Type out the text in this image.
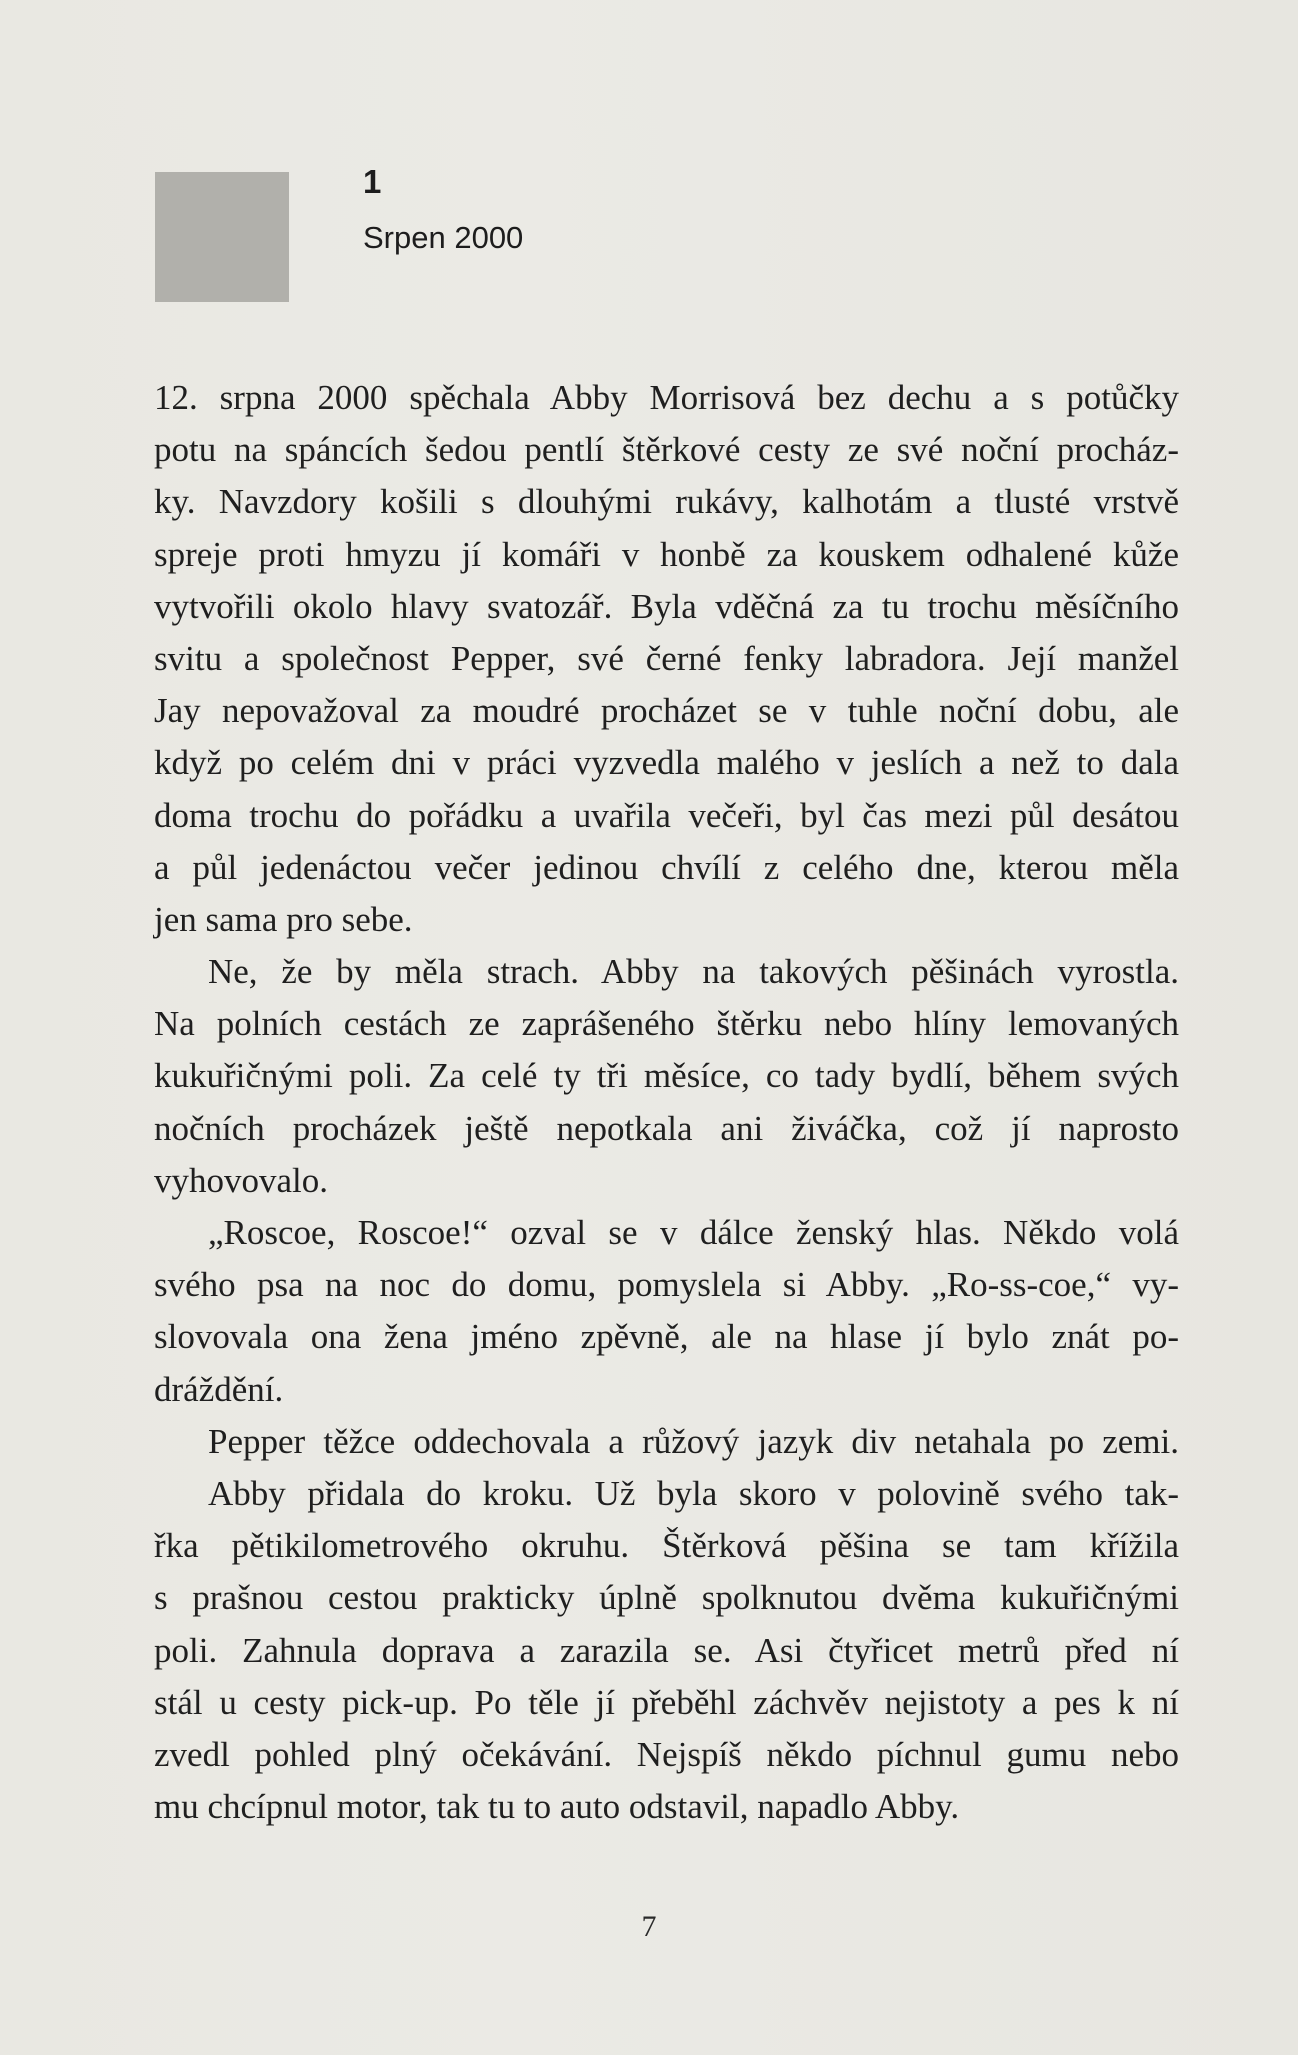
1
Srpen 2000
12. srpna 2000 spěchala Abby Morrisová bez dechu a s potůčky
potu na spáncích šedou pentlí štěrkové cesty ze své noční procház-
ky. Navzdory košili s dlouhými rukávy, kalhotám a tlusté vrstvě
spreje proti hmyzu jí komáři v honbě za kouskem odhalené kůže
vytvořili okolo hlavy svatozář. Byla vděčná za tu trochu měsíčního
svitu a společnost Pepper, své černé fenky labradora. Její manžel
Jay nepovažoval za moudré procházet se v tuhle noční dobu, ale
když po celém dni v práci vyzvedla malého v jeslích a než to dala
doma trochu do pořádku a uvařila večeři, byl čas mezi půl desátou
a půl jedenáctou večer jedinou chvílí z celého dne, kterou měla
jen sama pro sebe.
Ne, že by měla strach. Abby na takových pěšinách vyrostla.
Na polních cestách ze zaprášeného štěrku nebo hlíny lemovaných
kukuřičnými poli. Za celé ty tři měsíce, co tady bydlí, během svých
nočních procházek ještě nepotkala ani živáčka, což jí naprosto
vyhovovalo.
„Roscoe, Roscoe!“ ozval se v dálce ženský hlas. Někdo volá
svého psa na noc do domu, pomyslela si Abby. „Ro-ss-coe,“ vy-
slovovala ona žena jméno zpěvně, ale na hlase jí bylo znát po-
dráždění.
Pepper těžce oddechovala a růžový jazyk div netahala po zemi.
Abby přidala do kroku. Už byla skoro v polovině svého tak-
řka pětikilometrového okruhu. Štěrková pěšina se tam křížila
s prašnou cestou prakticky úplně spolknutou dvěma kukuřičnými
poli. Zahnula doprava a zarazila se. Asi čtyřicet metrů před ní
stál u cesty pick-up. Po těle jí přeběhl záchvěv nejistoty a pes k ní
zvedl pohled plný očekávání. Nejspíš někdo píchnul gumu nebo
mu chcípnul motor, tak tu to auto odstavil, napadlo Abby.
7
